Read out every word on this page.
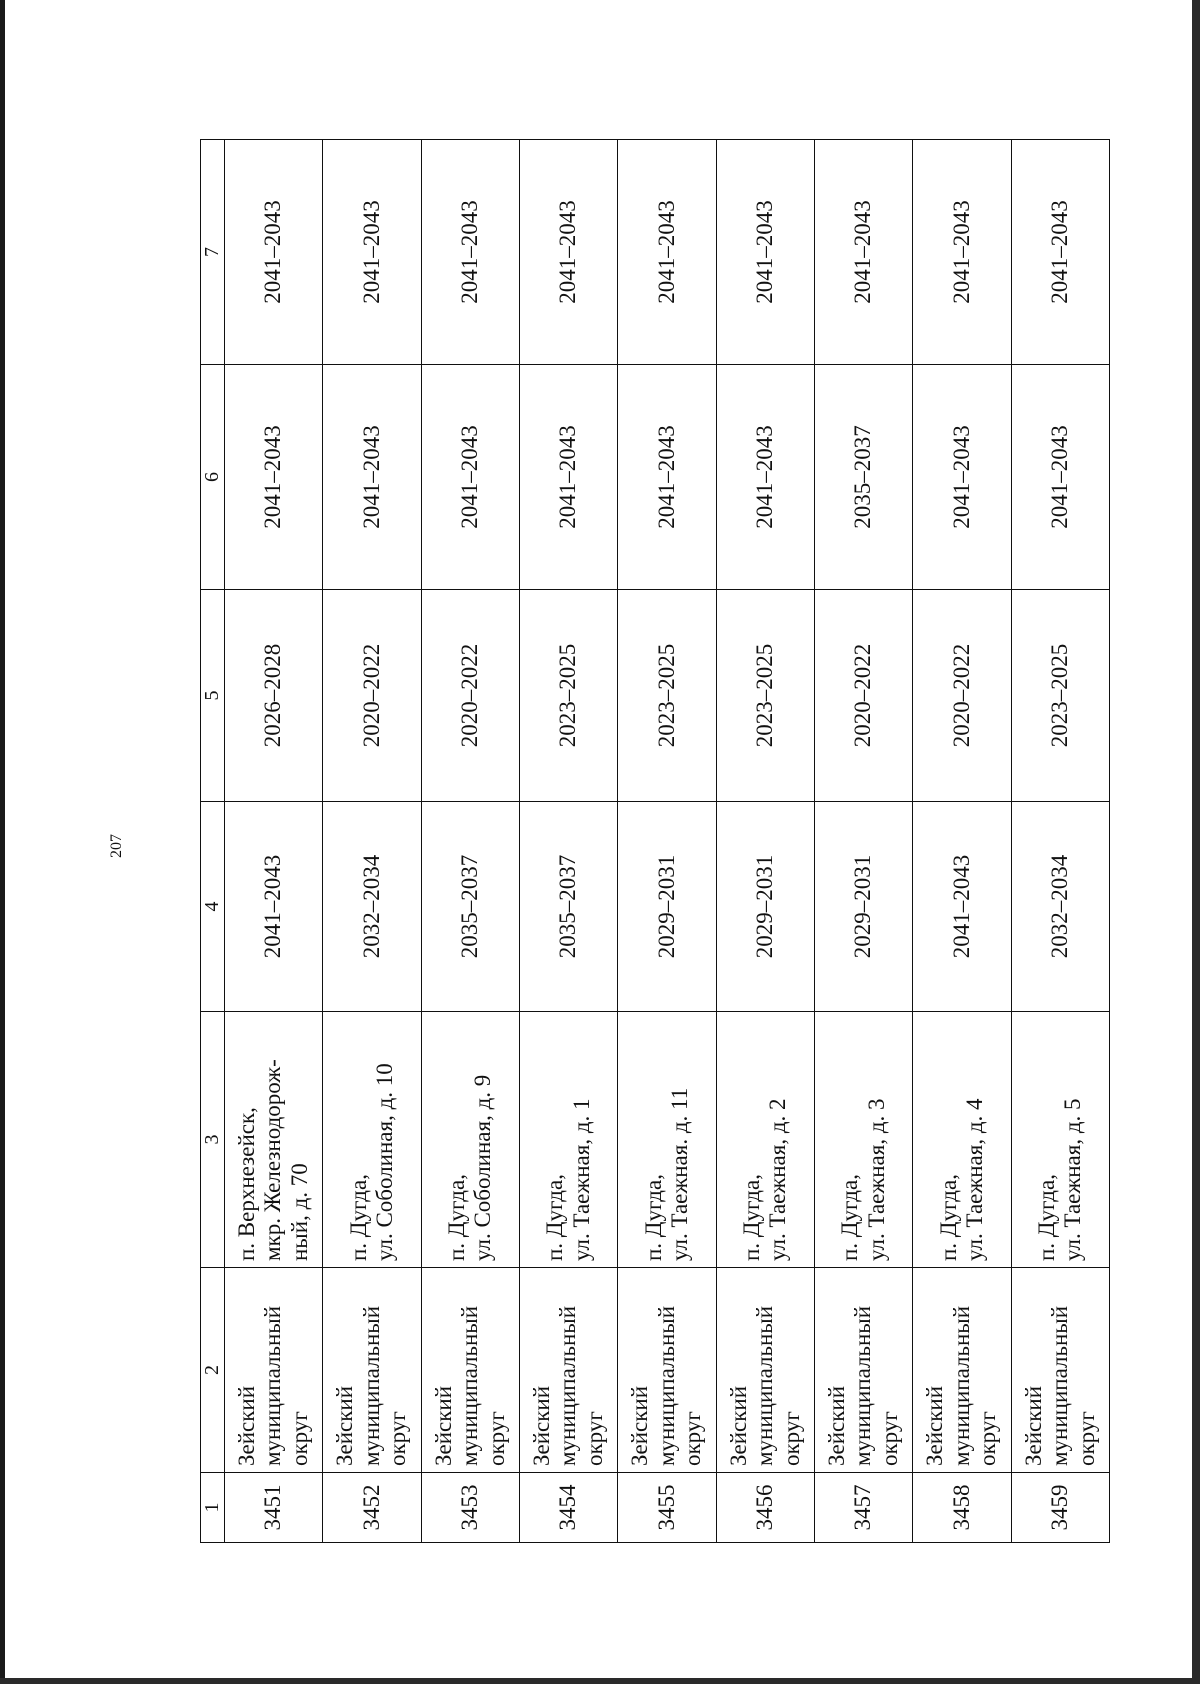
207
1	2	3	4	5	6	7
3451	Зейский муниципальный округ	п. Верхнезейск, мкр. Железнодорож- ный, д. 70	2041–2043	2026–2028	2041–2043	2041–2043
3452	Зейский муниципальный округ	п. Дугда, ул. Соболиная, д. 10	2032–2034	2020–2022	2041–2043	2041–2043
3453	Зейский муниципальный округ	п. Дугда, ул. Соболиная, д. 9	2035–2037	2020–2022	2041–2043	2041–2043
3454	Зейский муниципальный округ	п. Дугда, ул. Таежная, д. 1	2035–2037	2023–2025	2041–2043	2041–2043
3455	Зейский муниципальный округ	п. Дугда, ул. Таежная. д. 11	2029–2031	2023–2025	2041–2043	2041–2043
3456	Зейский муниципальный округ	п. Дугда, ул. Таежная, д. 2	2029–2031	2023–2025	2041–2043	2041–2043
3457	Зейский муниципальный округ	п. Дугда, ул. Таежная, д. 3	2029–2031	2020–2022	2035–2037	2041–2043
3458	Зейский муниципальный округ	п. Дугда, ул. Таежная, д. 4	2041–2043	2020–2022	2041–2043	2041–2043
3459	Зейский муниципальный округ	п. Дугда, ул. Таежная, д. 5	2032–2034	2023–2025	2041–2043	2041–2043
